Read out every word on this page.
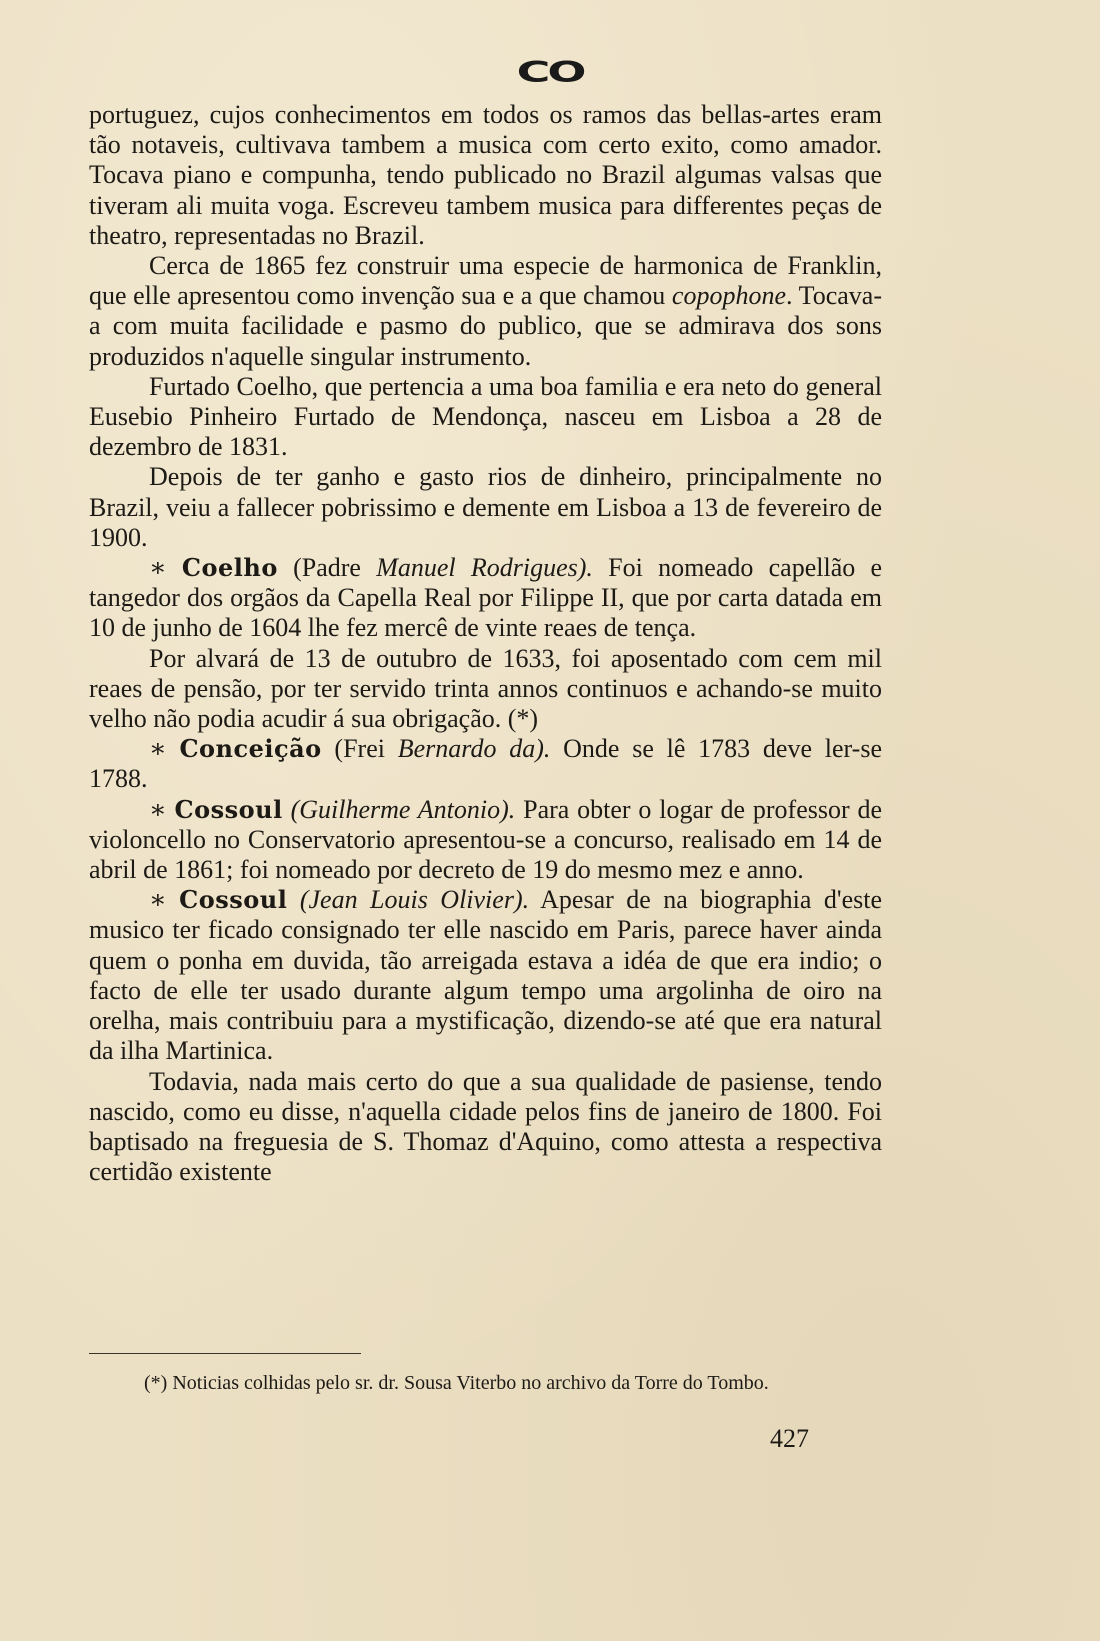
CO

portuguez, cujos conhecimentos em todos os ramos das bellas-artes eram tão notaveis, cultivava tambem a musica com certo exito, como amador. Tocava piano e compunha, tendo publicado no Brazil algumas valsas que tiveram ali muita voga. Escreveu tambem musica para differentes peças de theatro, representadas no Brazil.

Cerca de 1865 fez construir uma especie de harmonica de Franklin, que elle apresentou como invenção sua e a que chamou copophone. Tocava-a com muita facilidade e pasmo do publico, que se admirava dos sons produzidos n'aquelle singular instrumento.

Furtado Coelho, que pertencia a uma boa familia e era neto do general Eusebio Pinheiro Furtado de Mendonça, nasceu em Lisboa a 28 de dezembro de 1831.

Depois de ter ganho e gasto rios de dinheiro, principalmente no Brazil, veiu a fallecer pobrissimo e demente em Lisboa a 13 de fevereiro de 1900.

∗ Coelho (Padre Manuel Rodrigues). Foi nomeado capellão e tangedor dos orgãos da Capella Real por Filippe II, que por carta datada em 10 de junho de 1604 lhe fez mercê de vinte reaes de tença.

Por alvará de 13 de outubro de 1633, foi aposentado com cem mil reaes de pensão, por ter servido trinta annos continuos e achando-se muito velho não podia acudir á sua obrigação. (*)

∗ Conceição (Frei Bernardo da). Onde se lê 1783 deve ler-se 1788.

∗ Cossoul (Guilherme Antonio). Para obter o logar de professor de violoncello no Conservatorio apresentou-se a concurso, realisado em 14 de abril de 1861; foi nomeado por decreto de 19 do mesmo mez e anno.

∗ Cossoul (Jean Louis Olivier). Apesar de na biographia d'este musico ter ficado consignado ter elle nascido em Paris, parece haver ainda quem o ponha em duvida, tão arreigada estava a idéa de que era indio; o facto de elle ter usado durante algum tempo uma argolinha de oiro na orelha, mais contribuiu para a mystificação, dizendo-se até que era natural da ilha Martinica.

Todavia, nada mais certo do que a sua qualidade de pasiense, tendo nascido, como eu disse, n'aquella cidade pelos fins de janeiro de 1800. Foi baptisado na freguesia de S. Thomaz d'Aquino, como attesta a respectiva certidão existente

(*) Noticias colhidas pelo sr. dr. Sousa Viterbo no archivo da Torre do Tombo.
427
